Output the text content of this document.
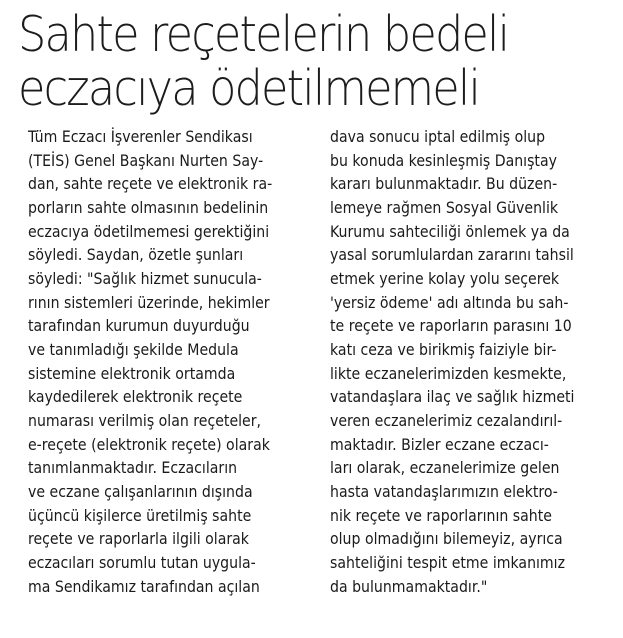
Sahte reçetelerin bedeli
eczacıya ödetilmemeli
Tüm Eczacı İşverenler Sendikası
(TEİS) Genel Başkanı Nurten Say-
dan, sahte reçete ve elektronik ra-
porların sahte olmasının bedelinin
eczacıya ödetilmemesi gerektiğini
söyledi. Saydan, özetle şunları
söyledi: "Sağlık hizmet sunucula-
rının sistemleri üzerinde, hekimler
tarafından kurumun duyurduğu
ve tanımladığı şekilde Medula
sistemine elektronik ortamda
kaydedilerek elektronik reçete
numarası verilmiş olan reçeteler,
e-reçete (elektronik reçete) olarak
tanımlanmaktadır. Eczacıların
ve eczane çalışanlarının dışında
üçüncü kişilerce üretilmiş sahte
reçete ve raporlarla ilgili olarak
eczacıları sorumlu tutan uygula-
ma Sendikamız tarafından açılan
dava sonucu iptal edilmiş olup
bu konuda kesinleşmiş Danıştay
kararı bulunmaktadır. Bu düzen-
lemeye rağmen Sosyal Güvenlik
Kurumu sahteciliği önlemek ya da
yasal sorumlulardan zararını tahsil
etmek yerine kolay yolu seçerek
'yersiz ödeme' adı altında bu sah-
te reçete ve raporların parasını 10
katı ceza ve birikmiş faiziyle bir-
likte eczanelerimizden kesmekte,
vatandaşlara ilaç ve sağlık hizmeti
veren eczanelerimiz cezalandırıl-
maktadır. Bizler eczane eczacı-
ları olarak, eczanelerimize gelen
hasta vatandaşlarımızın elektro-
nik reçete ve raporlarının sahte
olup olmadığını bilemeyiz, ayrıca
sahteliğini tespit etme imkanımız
da bulunmamaktadır."
